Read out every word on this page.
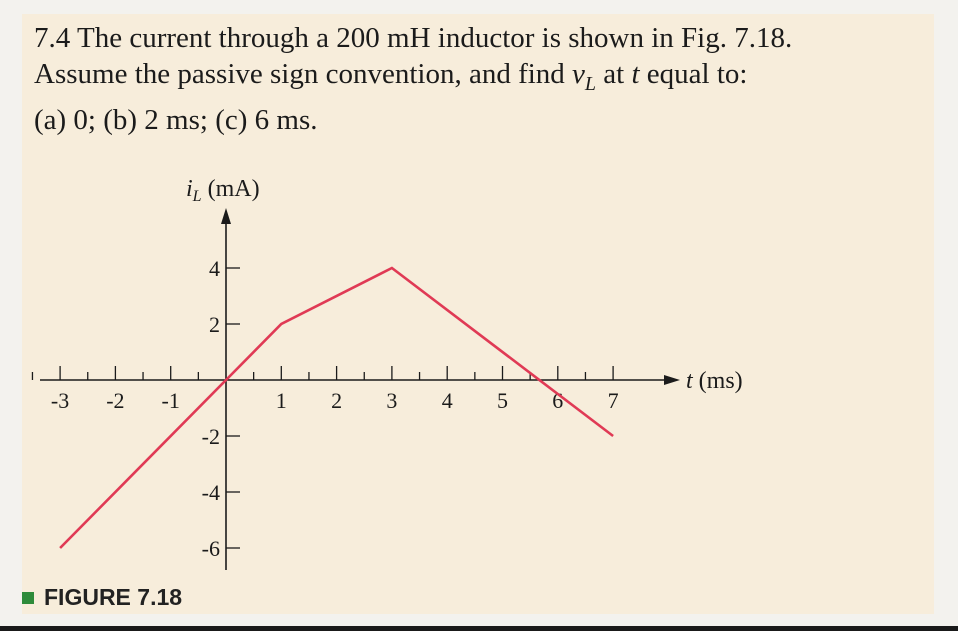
7.4 The current through a 200 mH inductor is shown in Fig. 7.18.
Assume the passive sign convention, and find $v_L$ at t equal to:
(a) 0; (b) 2 ms; (c) 6 ms.
FIGURE 7.18
-3 -2 -1	1 2 3 4 5 6 7
4
2
-2
-4
-6
$i_L$ (mA)
t (ms)
